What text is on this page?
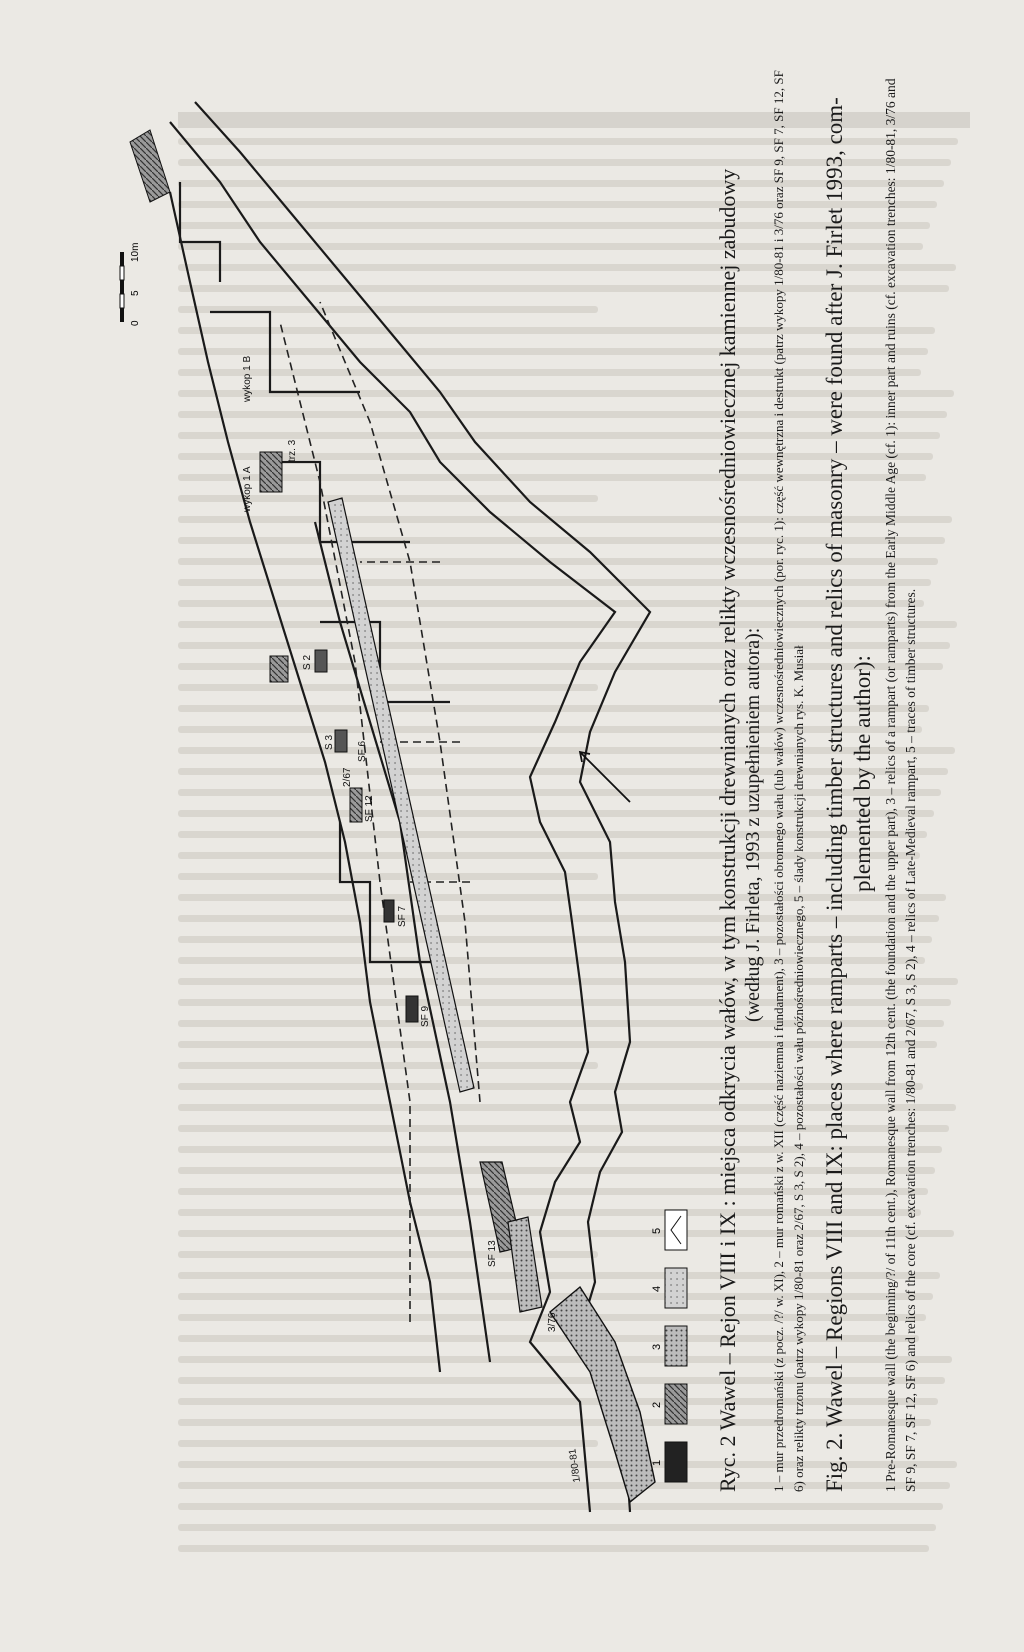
1/80-81
3/76
SF 13
SF 9
SF 7
SF 12
SF 6
S 3
S 2
2/67
wykop 1 A
trz. 3
wykop 1 B
0
5
10m
1
2
3
4
5 Ryc. 2 Wawel – Rejon VIII i IX : miejsca odkrycia wałów, w tym konstrukcji drewnianych oraz relikty wczesnośredniowiecznej kamiennej zabudowy (według J. Firleta, 1993 z uzupełnieniem autora): 1 – mur przedromański (z pocz. /?/ w. XI), 2 – mur romański z w. XII (część naziemna i fundament), 3 – pozostałości obronnego wału (lub wałów) wczesnośredniowiecznych (por. ryc. 1): część wewnętrzna i destrukt (patrz wykopy 1/80-81 i 3/76 oraz SF 9, SF 7, SF 12, SF 6) oraz relikty trzonu (patrz wykopy 1/80-81 oraz 2/67, S 3, S 2), 4 – pozostałości wału późnośredniowiecznego, 5 – ślady konstrukcji drewnianych rys. K. Musiał Fig. 2. Wawel – Regions VIII and IX: places where ramparts – including timber structures and relics of masonry – were found after J. Firlet 1993, com- plemented by the author): 1 Pre-Romanesque wall (the beginning/?/ of 11th cent.), Romanesque wall from 12th cent. (the foundation and the upper part), 3 – relics of a rampart (or ramparts) from the Early Middle Age (cf. 1): inner part and ruins (cf. excavation trenches: 1/80-81, 3/76 and SF 9, SF 7, SF 12, SF 6) and relics of the core (cf. excavation trenches: 1/80-81 and 2/67, S 3, S 2), 4 – relics of Late-Medieval rampart, 5 – traces of timber structures.
